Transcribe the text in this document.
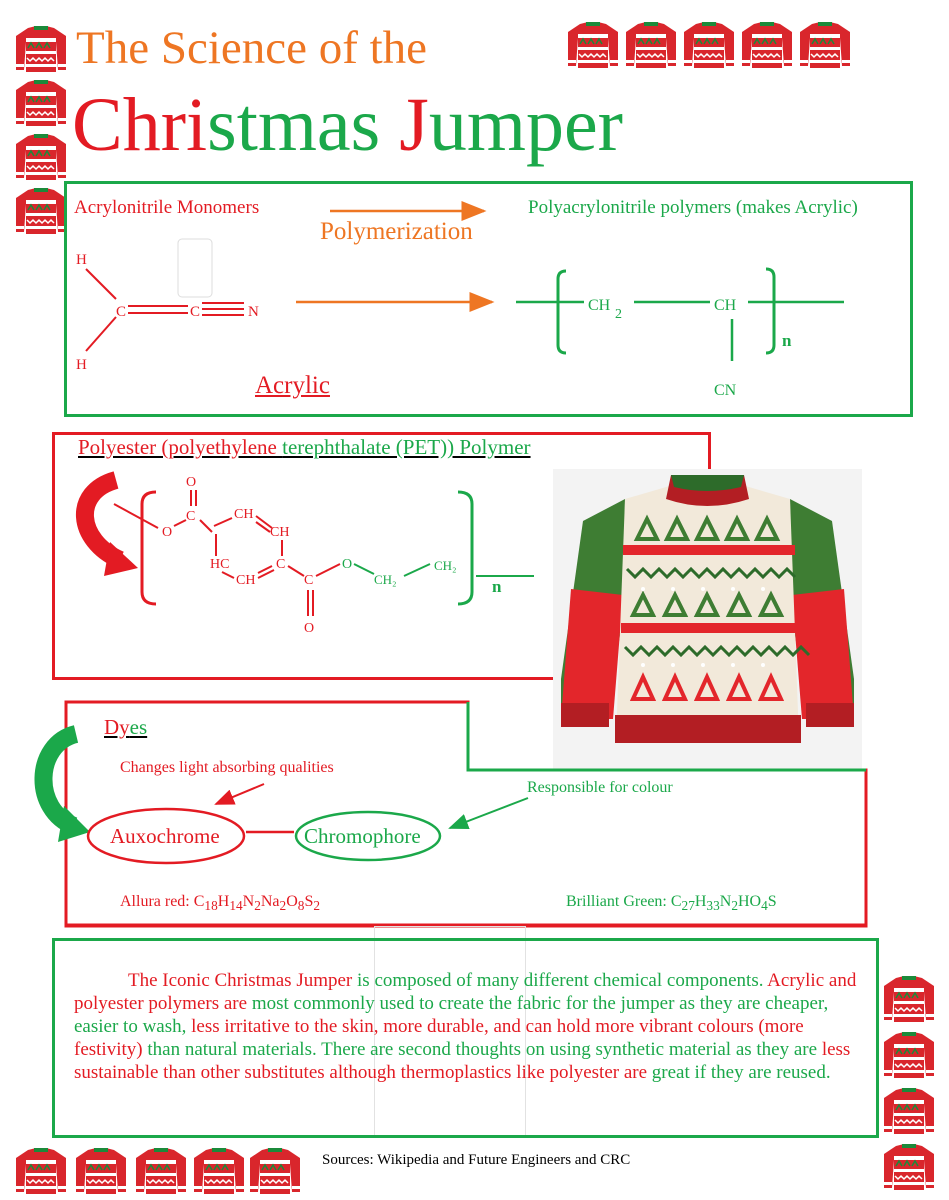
The Science of the
Christmas Jumper
Acrylonitrile Monomers
Polymerization
Polyacrylonitrile polymers (makes Acrylic)
Acrylic
H
H
C	C	N	CH
2
CH
CN
n
Polyester (polyethylene terephthalate (PET)) Polymer
n
O
C
O
CH
CH
HC
CH
C
C
O
O
CH₂
CH₂
Dyes
Changes light absorbing qualities
Responsible for colour
Auxochrome	Chromophore
Allura red: $C_{18}H_{14}N_2Na_2O_8S_2$	Brilliant Green: $C_{27}H_{33}N_2HO_4S$
The Iconic Christmas Jumper is composed of many different chemical components. Acrylic and polyester polymers are most commonly used to create the fabric for the jumper as they are cheaper, easier to wash, less irritative to the skin, more durable, and can hold more vibrant colours (more festivity) than natural materials. There are second thoughts on using synthetic material as they are less sustainable than other substitutes although thermoplastics like polyester are great if they are reused.
Sources: Wikipedia and Future Engineers and CRC
